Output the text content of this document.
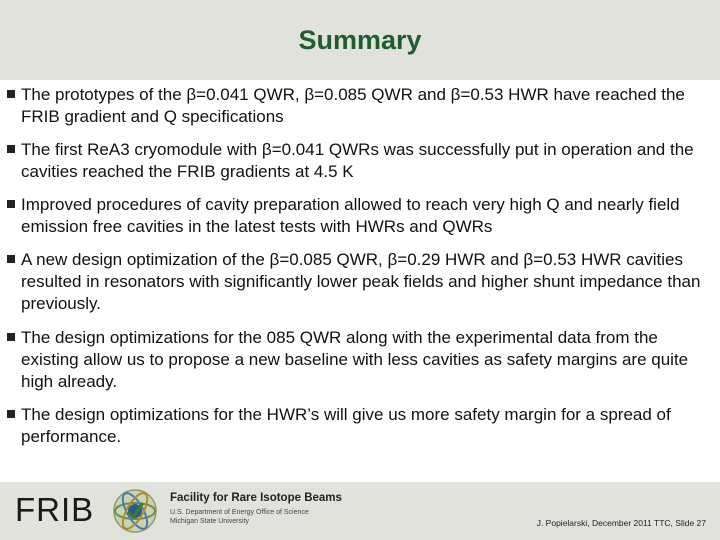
Summary
The prototypes of the β=0.041 QWR, β=0.085 QWR and β=0.53 HWR have reached the FRIB gradient and Q specifications
The first ReA3 cryomodule with β=0.041 QWRs was successfully put in operation and the cavities reached the FRIB gradients at 4.5 K
Improved procedures of cavity preparation allowed to reach very high Q and nearly field emission free cavities in the latest tests with HWRs and QWRs
A new design optimization of the β=0.085 QWR, β=0.29 HWR and β=0.53 HWR cavities resulted in resonators with significantly lower peak fields and higher shunt impedance than previously.
The design optimizations for the 085 QWR along with the experimental data from the existing allow us to propose a new baseline with less cavities as safety margins are quite high already.
The design optimizations for the HWR’s will give us more safety margin for a spread of performance.
FRIB	Facility for Rare Isotope Beams
U.S. Department of Energy Office of Science
Michigan State University	J. Popielarski, December 2011 TTC, Slide 27
